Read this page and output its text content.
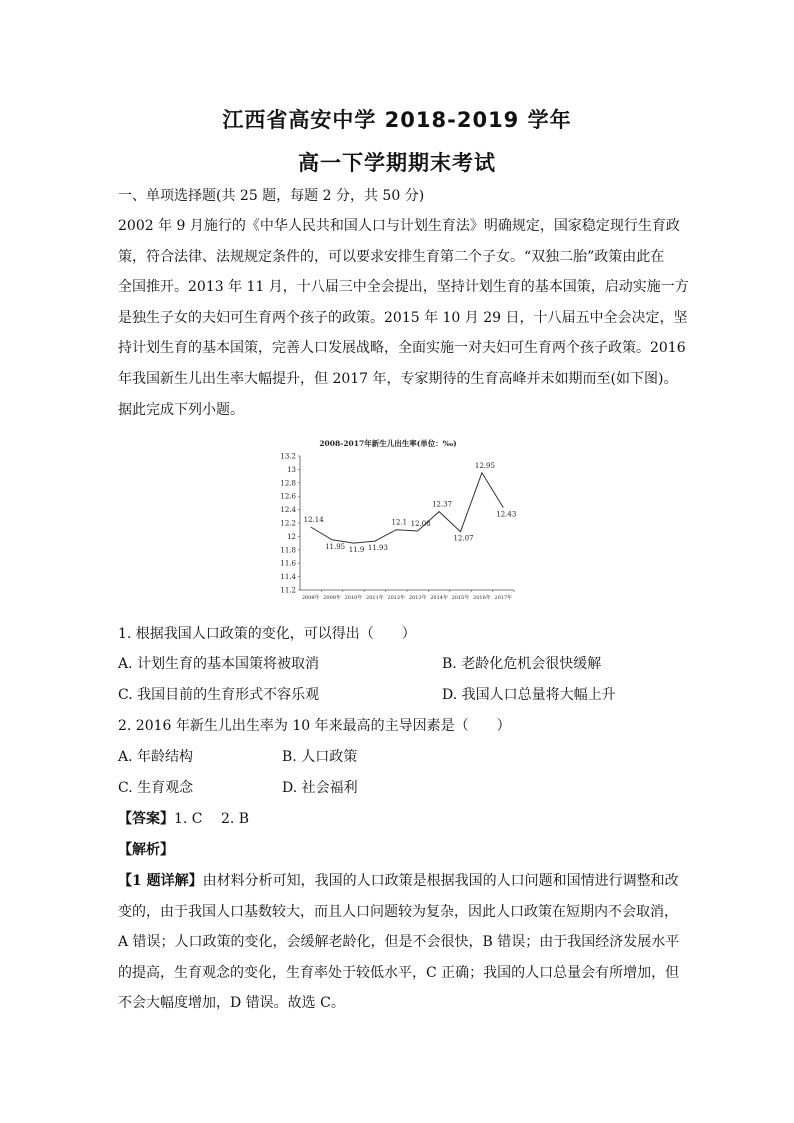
江西省高安中学 2018-2019 学年
高一下学期期末考试
一、单项选择题(共 25 题，每题 2 分，共 50 分)
2002 年 9 月施行的《中华人民共和国人口与计划生育法》明确规定，国家稳定现行生育政
策，符合法律、法规规定条件的，可以要求安排生育第二个子女。“双独二胎”政策由此在
全国推开。2013 年 11 月，十八届三中全会提出，坚持计划生育的基本国策，启动实施一方
是独生子女的夫妇可生育两个孩子的政策。2015 年 10 月 29 日，十八届五中全会决定，坚
持计划生育的基本国策，完善人口发展战略，全面实施一对夫妇可生育两个孩子政策。2016
年我国新生儿出生率大幅提升，但 2017 年，专家期待的生育高峰并未如期而至(如下图)。
据此完成下列小题。
2008-2017年新生儿出生率(单位：‰)
11.2
11.4
11.6
11.8
12
12.2
12.4
12.6
12.8
13
13.2
2008年 2009年 2010年 2011年 2012年 2013年 2014年 2015年 2016年 2017年
12.14
11.95 11.9 11.93
12.1 12.08
12.37
12.07
12.95
12.43
1. 根据我国人口政策的变化，可以得出（　　）
A. 计划生育的基本国策将被取消	B. 老龄化危机会很快缓解
C. 我国目前的生育形式不容乐观	D. 我国人口总量将大幅上升
2. 2016 年新生儿出生率为 10 年来最高的主导因素是（　　）
A. 年龄结构	B. 人口政策
C. 生育观念	D. 社会福利
【答案】1. C　 2. B
【解析】
【1 题详解】由材料分析可知，我国的人口政策是根据我国的人口问题和国情进行调整和改
变的，由于我国人口基数较大，而且人口问题较为复杂，因此人口政策在短期内不会取消，
A 错误；人口政策的变化，会缓解老龄化，但是不会很快，B 错误；由于我国经济发展水平
的提高，生育观念的变化，生育率处于较低水平，C 正确；我国的人口总量会有所增加，但
不会大幅度增加，D 错误。故选 C。
